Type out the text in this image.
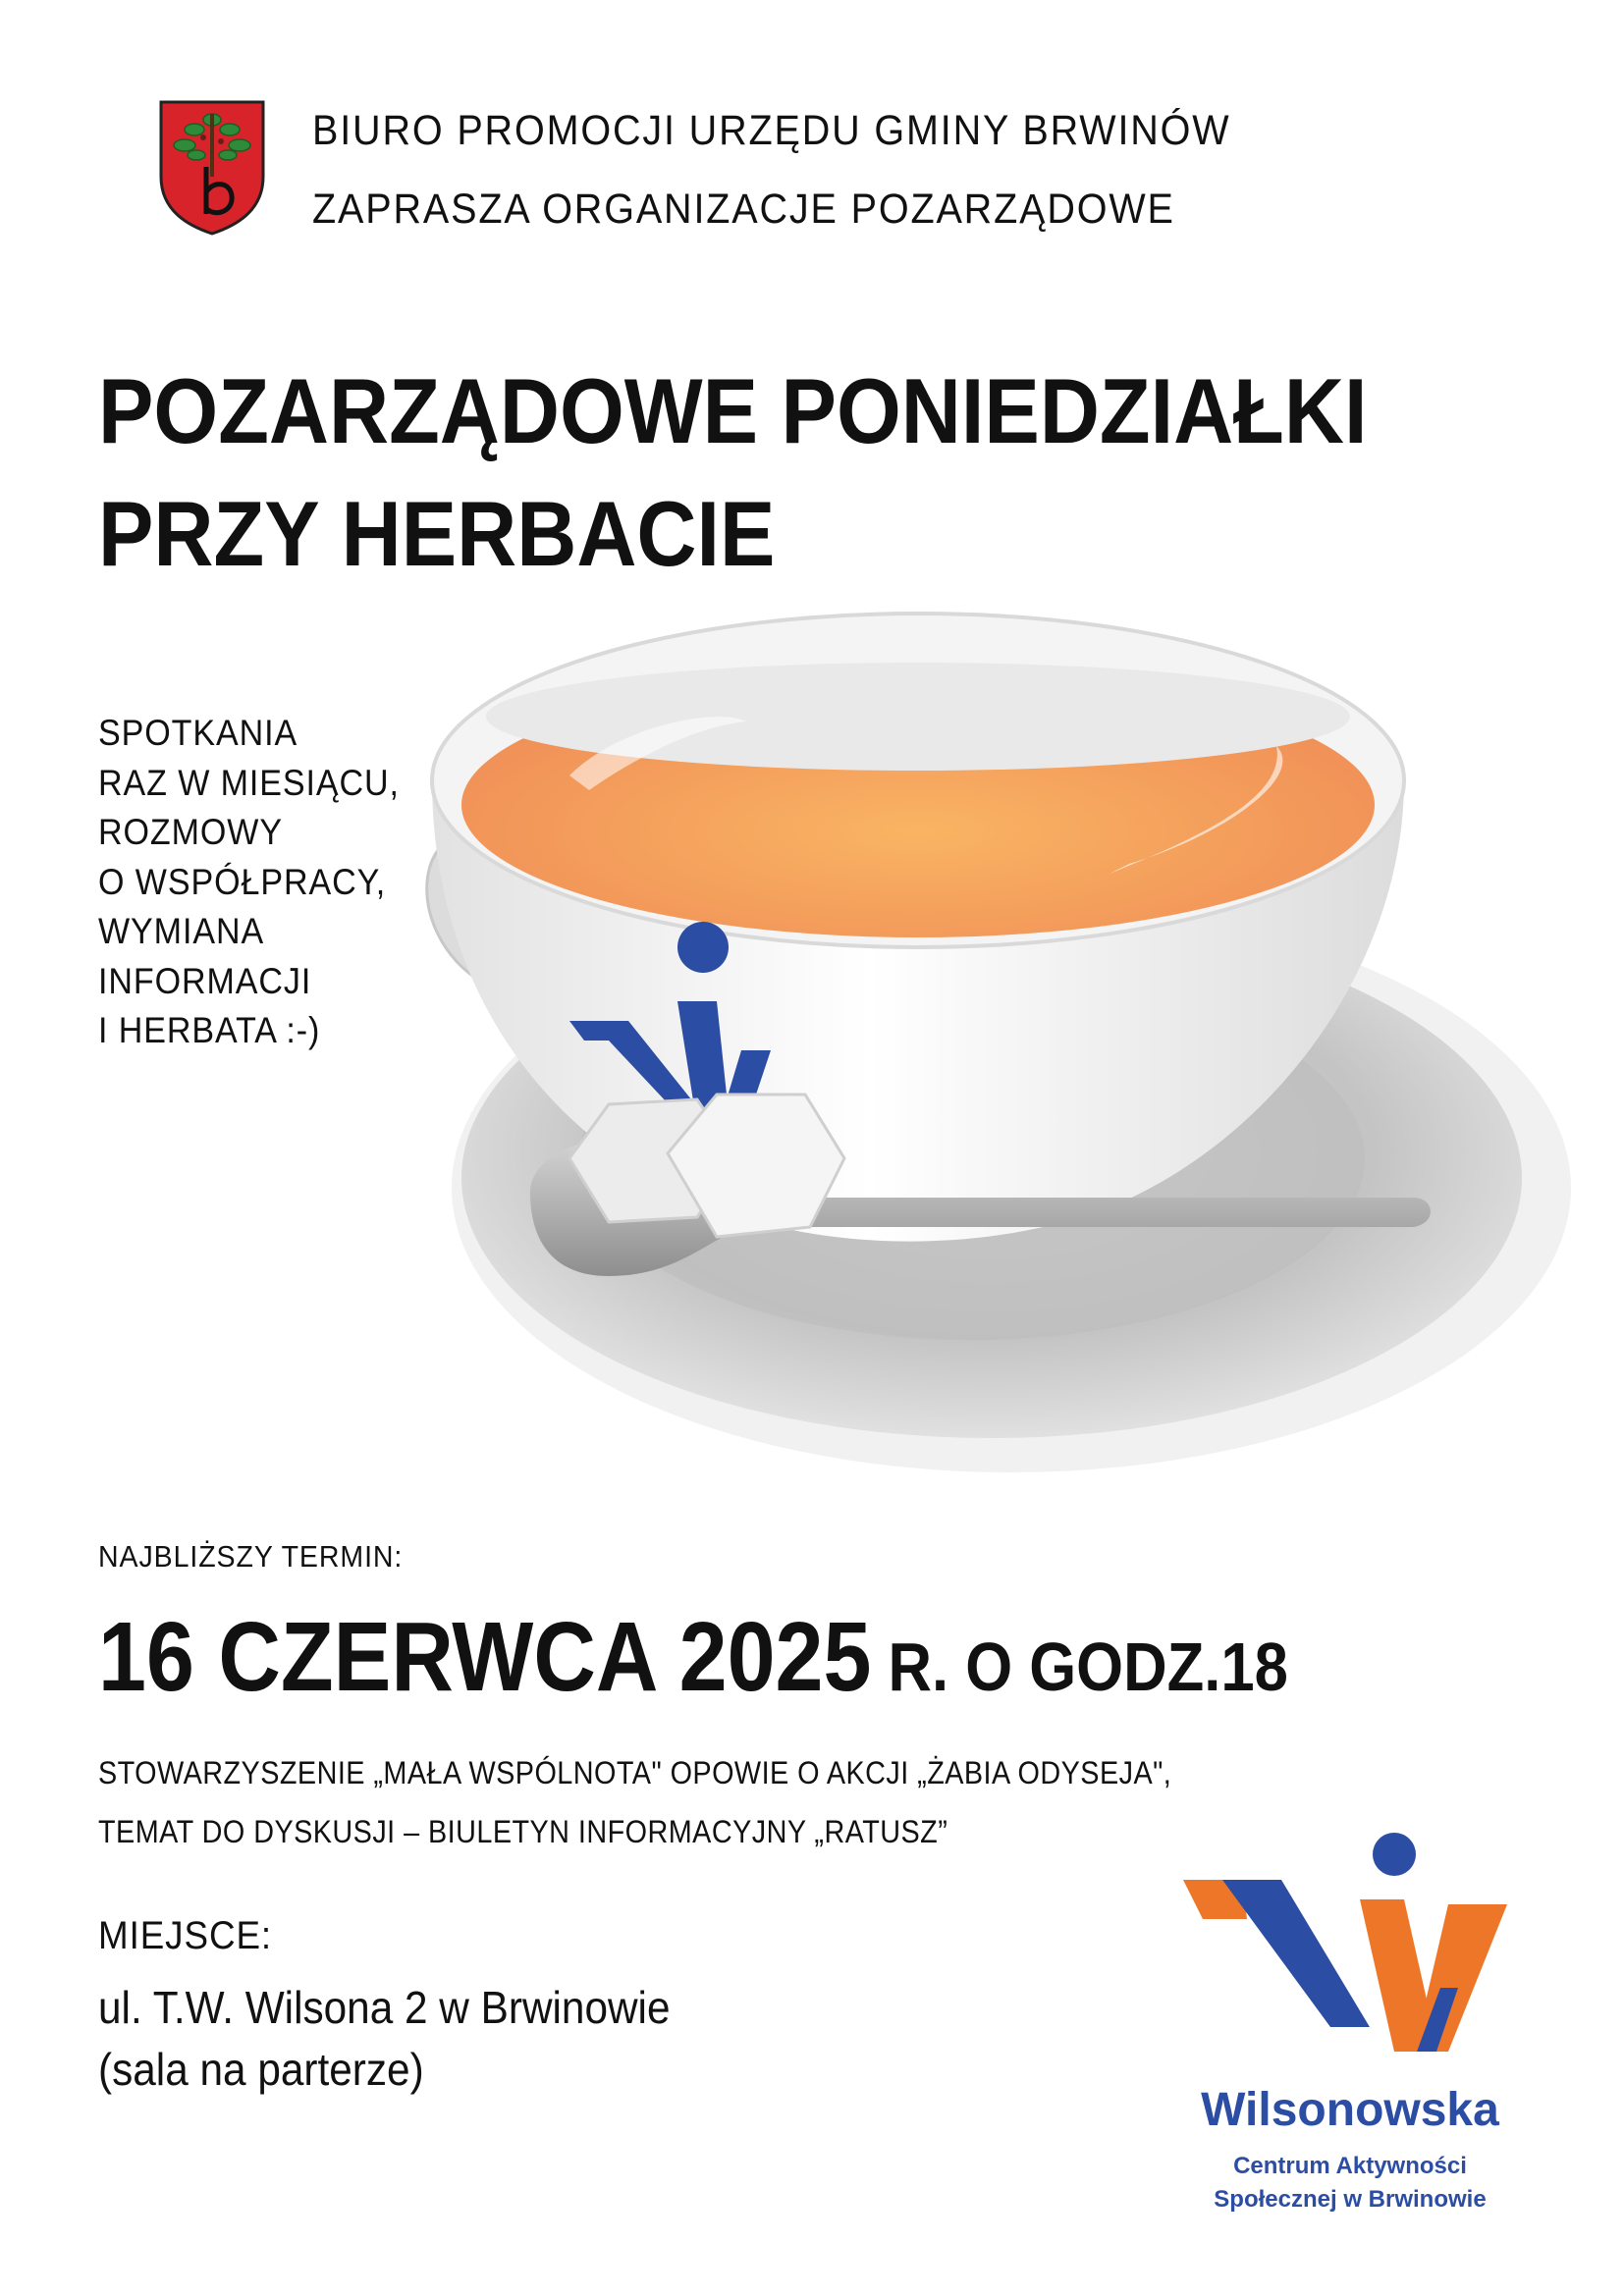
BIURO PROMOCJI URZĘDU GMINY BRWINÓW
ZAPRASZA ORGANIZACJE POZARZĄDOWE
POZARZĄDOWE PONIEDZIAŁKI
PRZY HERBACIE
SPOTKANIA
RAZ W MIESIĄCU,
ROZMOWY
O WSPÓŁPRACY,
WYMIANA
INFORMACJI
I HERBATA :-)
NAJBLIŻSZY TERMIN:
16 CZERWCA 2025 R. O GODZ.18
STOWARZYSZENIE „MAŁA WSPÓLNOTA" OPOWIE O AKCJI „ŻABIA ODYSEJA",
TEMAT DO DYSKUSJI – BIULETYN INFORMACYJNY „RATUSZ”
MIEJSCE:
ul. T.W. Wilsona 2 w Brwinowie
(sala na parterze)
Wilsonowska
Centrum Aktywności
Społecznej w Brwinowie
